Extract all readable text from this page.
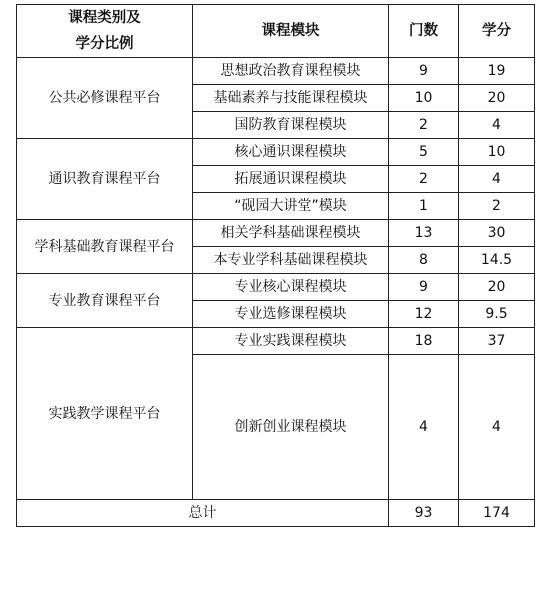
课程类别及
学分比例	课程模块	门数	学分
公共必修课程平台	思想政治教育课程模块	9	19
	基础素养与技能课程模块	10	20
	国防教育课程模块	2	4
通识教育课程平台	核心通识课程模块	5	10
	拓展通识课程模块	2	4
	“砚园大讲堂”模块	1	2
学科基础教育课程平台	相关学科基础课程模块	13	30
	本专业学科基础课程模块	8	14.5
专业教育课程平台	专业核心课程模块	9	20
	专业选修课程模块	12	9.5
实践教学课程平台	专业实践课程模块	18	37
	创新创业课程模块	4	4
总计		93	174
